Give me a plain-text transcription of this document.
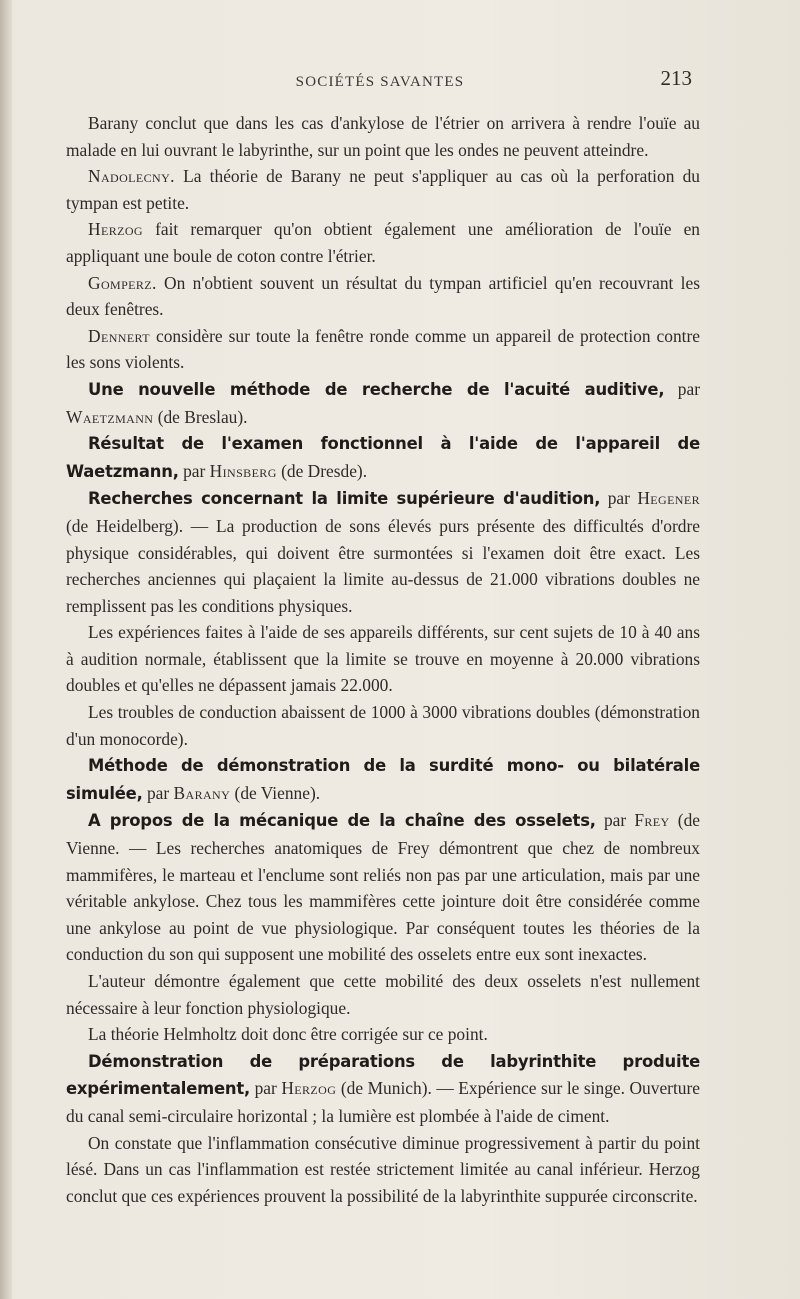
SOCIÉTÉS SAVANTES	213

Barany conclut que dans les cas d'ankylose de l'étrier on arrivera à rendre l'ouïe au malade en lui ouvrant le labyrinthe, sur un point que les ondes ne peuvent atteindre.

Nadolecny. La théorie de Barany ne peut s'appliquer au cas où la perforation du tympan est petite.

Herzog fait remarquer qu'on obtient également une amélioration de l'ouïe en appliquant une boule de coton contre l'étrier.

Gomperz. On n'obtient souvent un résultat du tympan artificiel qu'en recouvrant les deux fenêtres.

Dennert considère sur toute la fenêtre ronde comme un appareil de protection contre les sons violents.

Une nouvelle méthode de recherche de l'acuité auditive, par Waetzmann (de Breslau).

Résultat de l'examen fonctionnel à l'aide de l'appareil de Waetzmann, par Hinsberg (de Dresde).

Recherches concernant la limite supérieure d'audition, par Hegener (de Heidelberg). — La production de sons élevés purs présente des difficultés d'ordre physique considérables, qui doivent être surmontées si l'examen doit être exact. Les recherches anciennes qui plaçaient la limite au-dessus de 21.000 vibrations doubles ne remplissent pas les conditions physiques.

Les expériences faites à l'aide de ses appareils différents, sur cent sujets de 10 à 40 ans à audition normale, établissent que la limite se trouve en moyenne à 20.000 vibrations doubles et qu'elles ne dépassent jamais 22.000.

Les troubles de conduction abaissent de 1000 à 3000 vibrations doubles (démonstration d'un monocorde).

Méthode de démonstration de la surdité mono- ou bilatérale simulée, par Barany (de Vienne).

A propos de la mécanique de la chaîne des osselets, par Frey (de Vienne. — Les recherches anatomiques de Frey démontrent que chez de nombreux mammifères, le marteau et l'enclume sont reliés non pas par une articulation, mais par une véritable ankylose. Chez tous les mammifères cette jointure doit être considérée comme une ankylose au point de vue physiologique. Par conséquent toutes les théories de la conduction du son qui supposent une mobilité des osselets entre eux sont inexactes.

L'auteur démontre également que cette mobilité des deux osselets n'est nullement nécessaire à leur fonction physiologique.

La théorie Helmholtz doit donc être corrigée sur ce point.

Démonstration de préparations de labyrinthite produite expérimentalement, par Herzog (de Munich). — Expérience sur le singe. Ouverture du canal semi-circulaire horizontal ; la lumière est plombée à l'aide de ciment.

On constate que l'inflammation consécutive diminue progressivement à partir du point lésé. Dans un cas l'inflammation est restée strictement limitée au canal inférieur. Herzog conclut que ces expériences prouvent la possibilité de la labyrinthite suppurée circonscrite.
